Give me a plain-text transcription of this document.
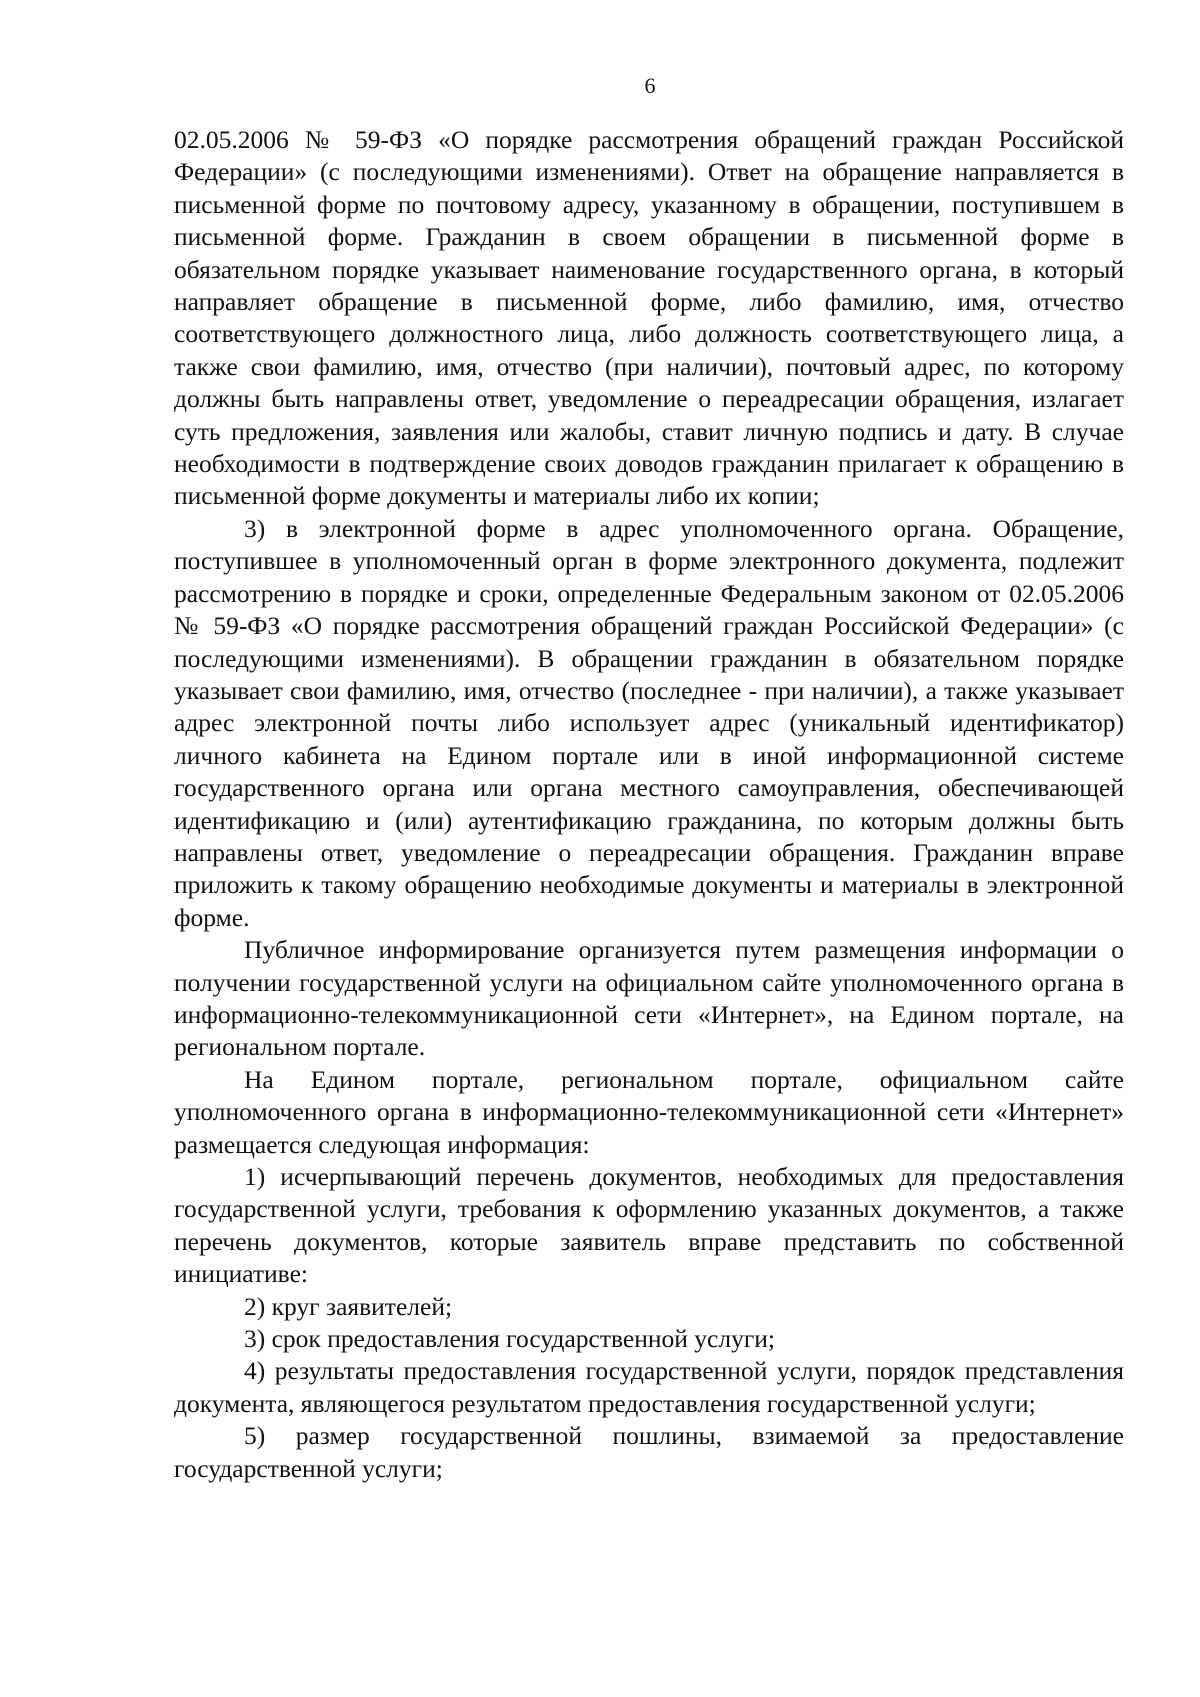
6

02.05.2006 № 59-ФЗ «О порядке рассмотрения обращений граждан Российской Федерации» (с последующими изменениями). Ответ на обращение направляется в письменной форме по почтовому адресу, указанному в обращении, поступившем в письменной форме. Гражданин в своем обращении в письменной форме в обязательном порядке указывает наименование государственного органа, в который направляет обращение в письменной форме, либо фамилию, имя, отчество соответствующего должностного лица, либо должность соответствующего лица, а также свои фамилию, имя, отчество (при наличии), почтовый адрес, по которому должны быть направлены ответ, уведомление о переадресации обращения, излагает суть предложения, заявления или жалобы, ставит личную подпись и дату. В случае необходимости в подтверждение своих доводов гражданин прилагает к обращению в письменной форме документы и материалы либо их копии;

3) в электронной форме в адрес уполномоченного органа. Обращение, поступившее в уполномоченный орган в форме электронного документа, подлежит рассмотрению в порядке и сроки, определенные Федеральным законом от 02.05.2006 № 59-ФЗ «О порядке рассмотрения обращений граждан Российской Федерации» (с последующими изменениями). В обращении гражданин в обязательном порядке указывает свои фамилию, имя, отчество (последнее - при наличии), а также указывает адрес электронной почты либо использует адрес (уникальный идентификатор) личного кабинета на Едином портале или в иной информационной системе государственного органа или органа местного самоуправления, обеспечивающей идентификацию и (или) аутентификацию гражданина, по которым должны быть направлены ответ, уведомление о переадресации обращения. Гражданин вправе приложить к такому обращению необходимые документы и материалы в электронной форме.

Публичное информирование организуется путем размещения информации о получении государственной услуги на официальном сайте уполномоченного органа в информационно-телекоммуникационной сети «Интернет», на Едином портале, на региональном портале.

На Едином портале, региональном портале, официальном сайте уполномоченного органа в информационно-телекоммуникационной сети «Интернет» размещается следующая информация:

1) исчерпывающий перечень документов, необходимых для предоставления государственной услуги, требования к оформлению указанных документов, а также перечень документов, которые заявитель вправе представить по собственной инициативе:

2) круг заявителей;

3) срок предоставления государственной услуги;

4) результаты предоставления государственной услуги, порядок представления документа, являющегося результатом предоставления государственной услуги;

5) размер государственной пошлины, взимаемой за предоставление государственной услуги;
